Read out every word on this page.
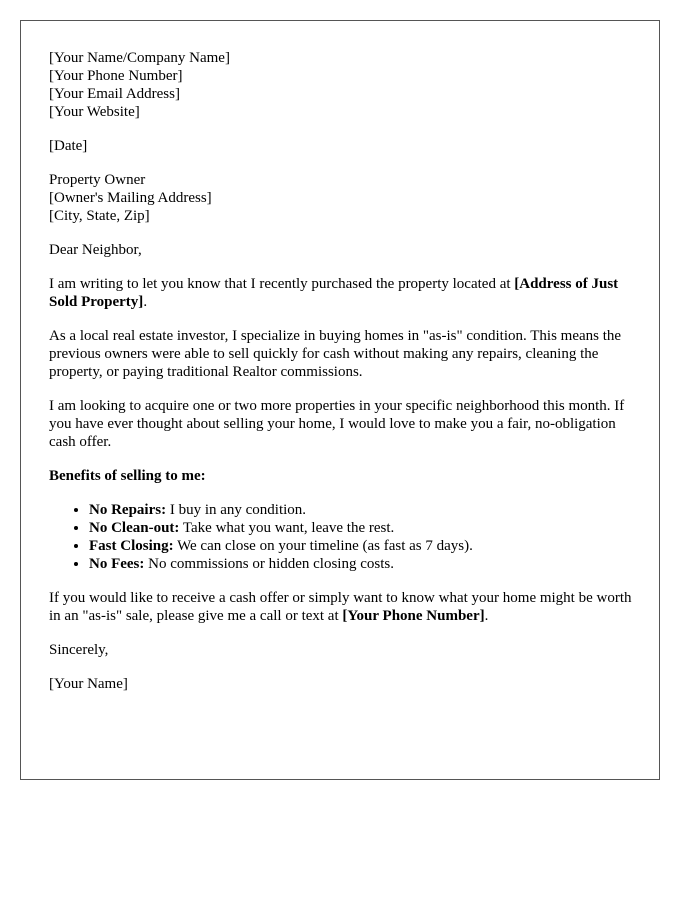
[Your Name/Company Name]
[Your Phone Number]
[Your Email Address]
[Your Website]
[Date]
Property Owner
[Owner's Mailing Address]
[City, State, Zip]

Dear Neighbor,

I am writing to let you know that I recently purchased the property located at [Address of Just Sold Property].

As a local real estate investor, I specialize in buying homes in "as-is" condition. This means the previous owners were able to sell quickly for cash without making any repairs, cleaning the property, or paying traditional Realtor commissions.

I am looking to acquire one or two more properties in your specific neighborhood this month. If you have ever thought about selling your home, I would love to make you a fair, no-obligation cash offer.

Benefits of selling to me:

• No Repairs: I buy in any condition.
• No Clean-out: Take what you want, leave the rest.
• Fast Closing: We can close on your timeline (as fast as 7 days).
• No Fees: No commissions or hidden closing costs.

If you would like to receive a cash offer or simply want to know what your home might be worth in an "as-is" sale, please give me a call or text at [Your Phone Number].

Sincerely,

[Your Name]
